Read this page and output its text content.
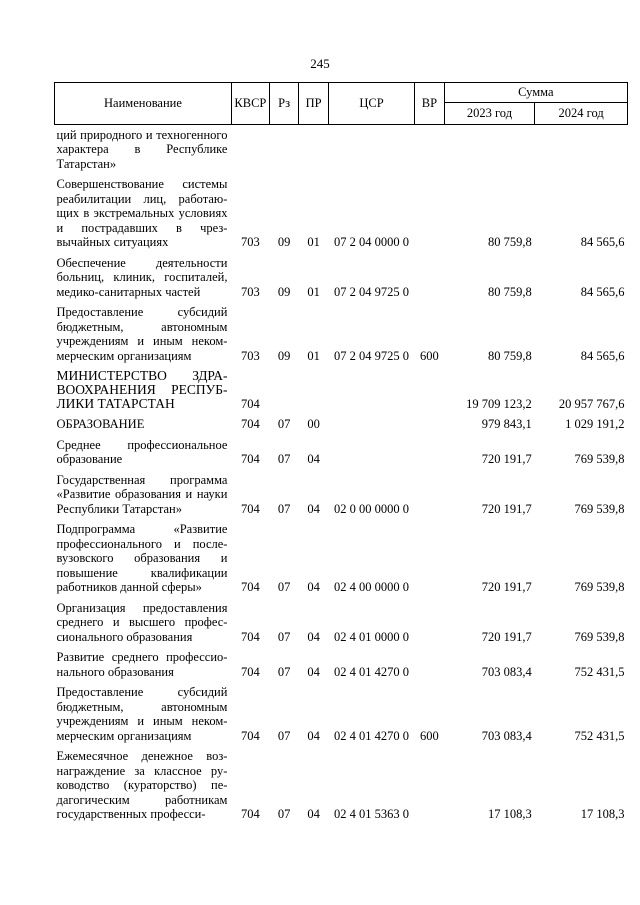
245
Наименование	КВСР	Рз	ПР	ЦСР	ВР	Сумма	
						2023 год	2024 год
ций природного и техногенного характера в Республике Татарстан»							
Совершенствование системы реабилитации лиц, работающих в экстремальных условиях и пострадавших в чрезвычайных ситуациях	703	09	01	07 2 04 0000 0		80 759,8	84 565,6
Обеспечение деятельности больниц, клиник, госпиталей, медико-санитарных частей	703	09	01	07 2 04 9725 0		80 759,8	84 565,6
Предоставление субсидий бюджетным, автономным учреждениям и иным некоммерческим организациям	703	09	01	07 2 04 9725 0	600	80 759,8	84 565,6
МИНИСТЕРСТВО ЗДРАВООХРАНЕНИЯ РЕСПУБЛИКИ ТАТАРСТАН	704					19 709 123,2	20 957 767,6
ОБРАЗОВАНИЕ	704	07	00			979 843,1	1 029 191,2
Среднее профессиональное образование	704	07	04			720 191,7	769 539,8
Государственная программа «Развитие образования и науки Республики Татарстан»	704	07	04	02 0 00 0000 0		720 191,7	769 539,8
Подпрограмма «Развитие профессионального и послевузовского образования и повышение квалификации работников данной сферы»	704	07	04	02 4 00 0000 0		720 191,7	769 539,8
Организация предоставления среднего и высшего профессионального образования	704	07	04	02 4 01 0000 0		720 191,7	769 539,8
Развитие среднего профессионального образования	704	07	04	02 4 01 4270 0		703 083,4	752 431,5
Предоставление субсидий бюджетным, автономным учреждениям и иным некоммерческим организациям	704	07	04	02 4 01 4270 0	600	703 083,4	752 431,5
Ежемесячное денежное вознаграждение за классное руководство (кураторство) педагогическим работникам государственных професси-	704	07	04	02 4 01 5363 0		17 108,3	17 108,3
